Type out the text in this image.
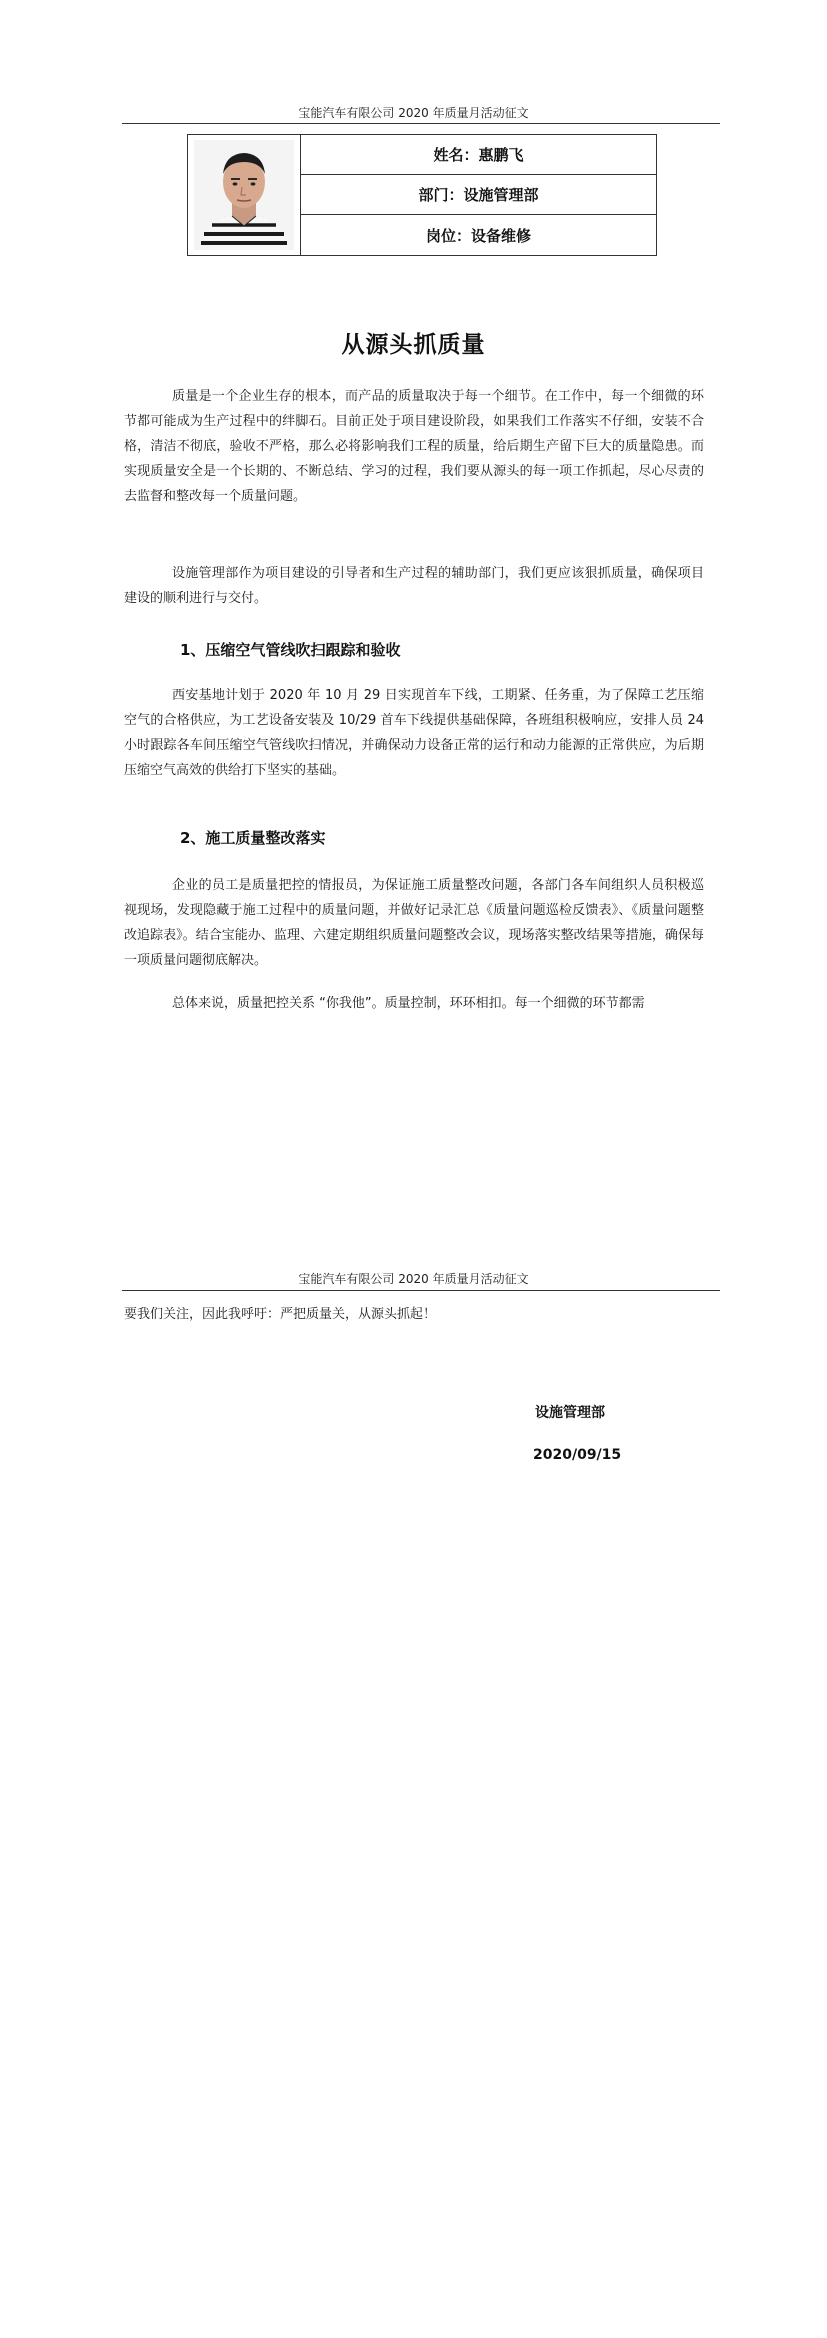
宝能汽车有限公司 2020 年质量月活动征文
姓名：惠鹏飞
部门：设施管理部
岗位：设备维修
从源头抓质量
质量是一个企业生存的根本，而产品的质量取决于每一个细节。在工作中，每一个细微的环节都可能成为生产过程中的绊脚石。目前正处于项目建设阶段，如果我们工作落实不仔细，安装不合格，清洁不彻底，验收不严格，那么必将影响我们工程的质量，给后期生产留下巨大的质量隐患。而实现质量安全是一个长期的、不断总结、学习的过程，我们要从源头的每一项工作抓起，尽心尽责的去监督和整改每一个质量问题。
设施管理部作为项目建设的引导者和生产过程的辅助部门，我们更应该狠抓质量，确保项目建设的顺利进行与交付。
1、压缩空气管线吹扫跟踪和验收
西安基地计划于 2020 年 10 月 29 日实现首车下线，工期紧、任务重，为了保障工艺压缩空气的合格供应，为工艺设备安装及 10/29 首车下线提供基础保障，各班组积极响应，安排人员 24 小时跟踪各车间压缩空气管线吹扫情况，并确保动力设备正常的运行和动力能源的正常供应，为后期压缩空气高效的供给打下坚实的基础。
2、施工质量整改落实
企业的员工是质量把控的情报员，为保证施工质量整改问题，各部门各车间组织人员积极巡视现场，发现隐藏于施工过程中的质量问题，并做好记录汇总《质量问题巡检反馈表》、《质量问题整改追踪表》。结合宝能办、监理、六建定期组织质量问题整改会议，现场落实整改结果等措施，确保每一项质量问题彻底解决。
总体来说，质量把控关系 “你我他”。质量控制，环环相扣。每一个细微的环节都需
宝能汽车有限公司 2020 年质量月活动征文
要我们关注，因此我呼吁：严把质量关，从源头抓起！
设施管理部
2020/09/15
